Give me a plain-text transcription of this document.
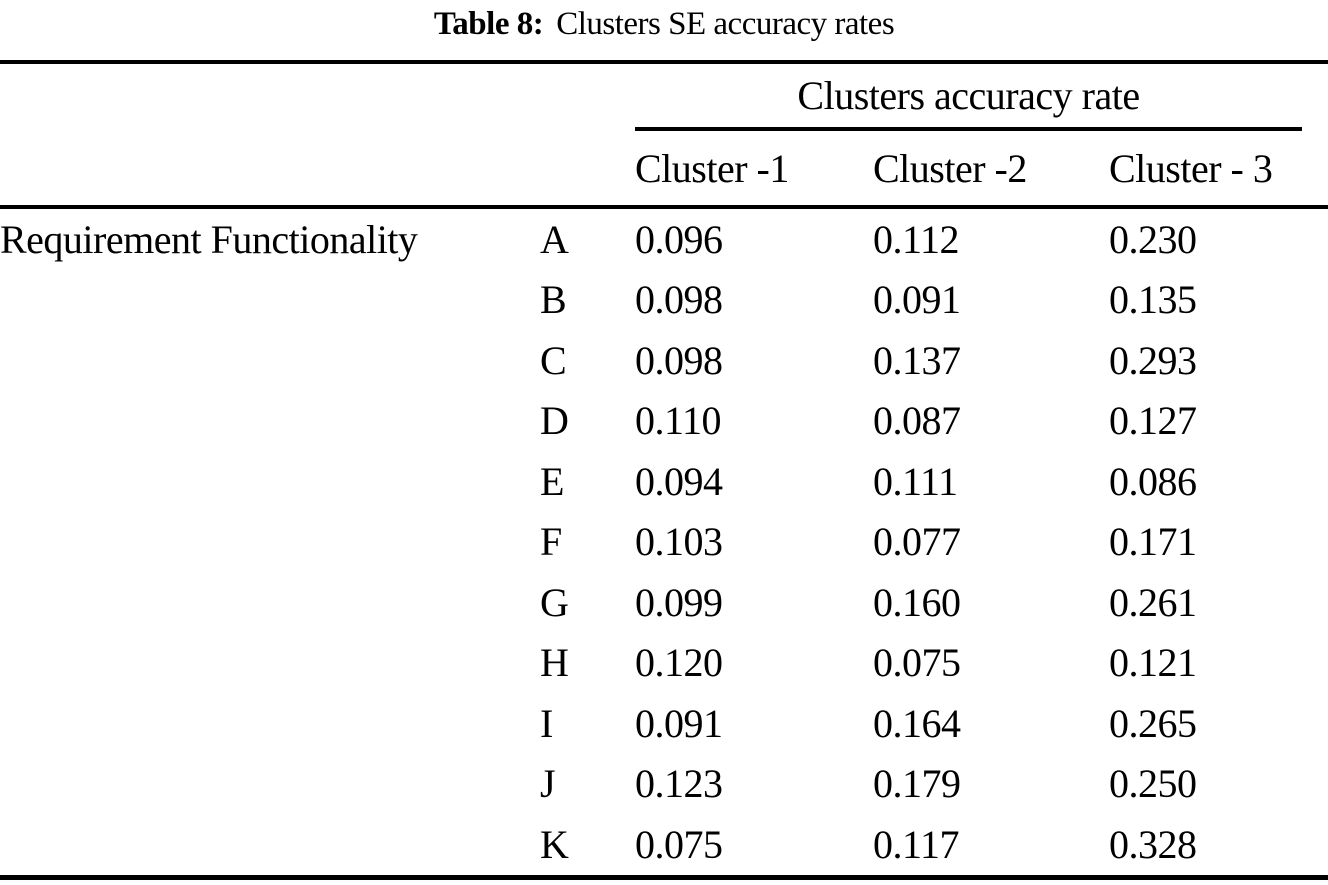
Table 8: Clusters SE accuracy rates

Clusters accuracy rate		

		Cluster -1	Cluster -2	Cluster - 3
Requirement Functionality	A	0.096	0.112	0.230
	B	0.098	0.091	0.135
	C	0.098	0.137	0.293
	D	0.110	0.087	0.127
	E	0.094	0.111	0.086
	F	0.103	0.077	0.171
	G	0.099	0.160	0.261
	H	0.120	0.075	0.121
	I	0.091	0.164	0.265
	J	0.123	0.179	0.250
	K	0.075	0.117	0.328
